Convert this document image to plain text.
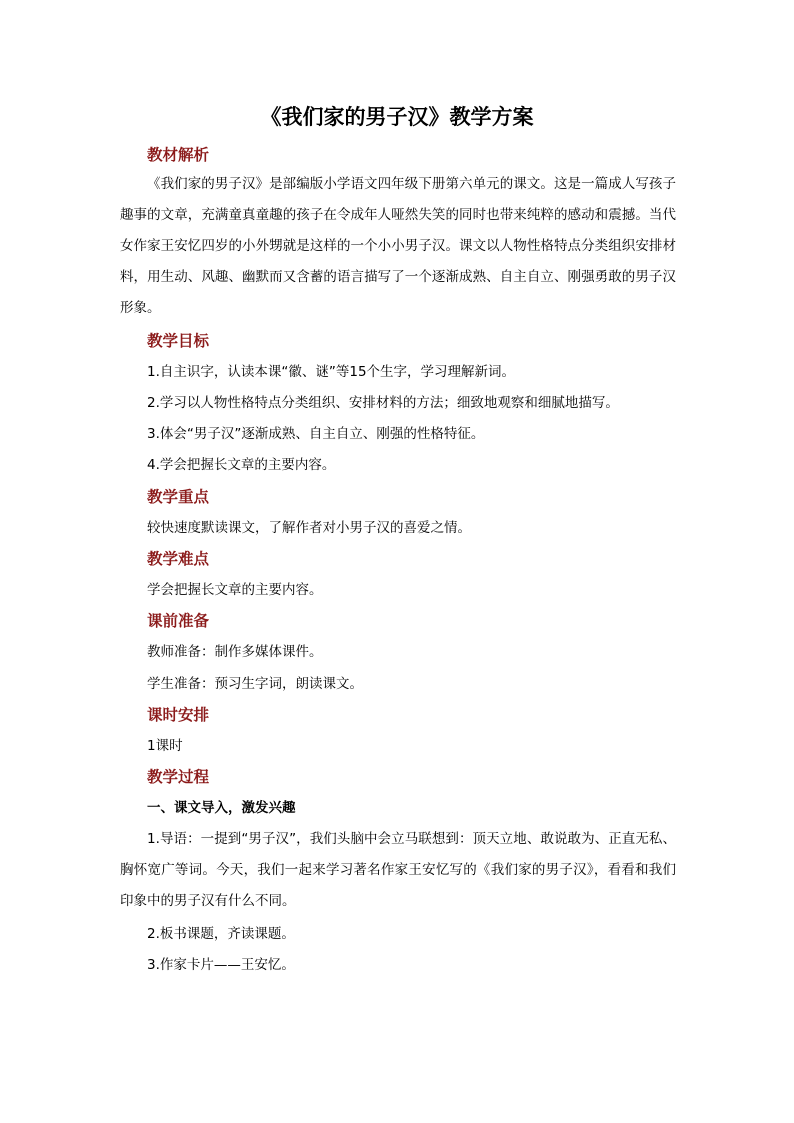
《我们家的男子汉》教学方案
教材解析
《我们家的男子汉》是部编版小学语文四年级下册第六单元的课文。这是一篇成人写孩子趣事的文章，充满童真童趣的孩子在令成年人哑然失笑的同时也带来纯粹的感动和震撼。当代女作家王安忆四岁的小外甥就是这样的一个小小男子汉。课文以人物性格特点分类组织安排材料，用生动、风趣、幽默而又含蓄的语言描写了一个逐渐成熟、自主自立、刚强勇敢的男子汉形象。
教学目标
1.自主识字，认读本课“徽、谜”等15个生字，学习理解新词。
2.学习以人物性格特点分类组织、安排材料的方法；细致地观察和细腻地描写。
3.体会“男子汉”逐渐成熟、自主自立、刚强的性格特征。
4.学会把握长文章的主要内容。
教学重点
较快速度默读课文，了解作者对小男子汉的喜爱之情。
教学难点
学会把握长文章的主要内容。
课前准备
教师准备：制作多媒体课件。
学生准备：预习生字词，朗读课文。
课时安排
1课时
教学过程
一、课文导入，激发兴趣
1.导语：一提到“男子汉”，我们头脑中会立马联想到：顶天立地、敢说敢为、正直无私、胸怀宽广等词。今天，我们一起来学习著名作家王安忆写的《我们家的男子汉》，看看和我们印象中的男子汉有什么不同。
2.板书课题，齐读课题。
3.作家卡片——王安忆。
